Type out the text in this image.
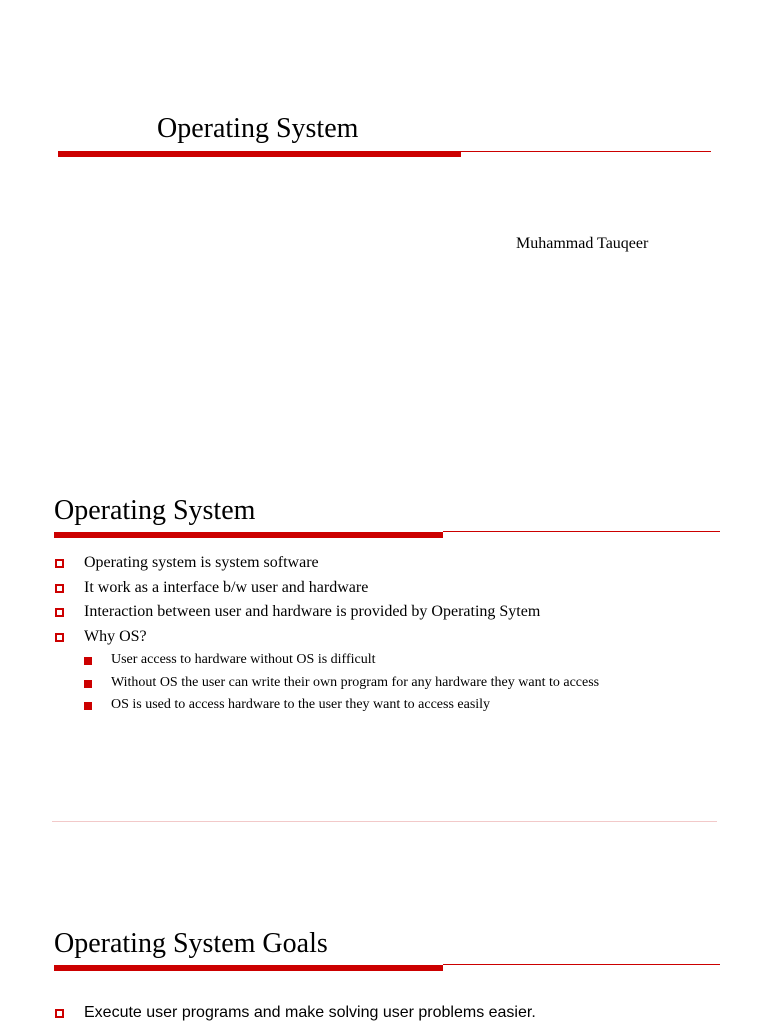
Operating System
Muhammad Tauqeer
Operating System
Operating system is system software
It work as a interface b/w user and hardware
Interaction between user and hardware is provided by Operating Sytem
Why OS?
User access to hardware without OS is difficult
Without OS the user can write their own program for any hardware they want to access
OS is used to access hardware to the user they want to access easily
Operating System Goals
Execute user programs and make solving user problems easier.
